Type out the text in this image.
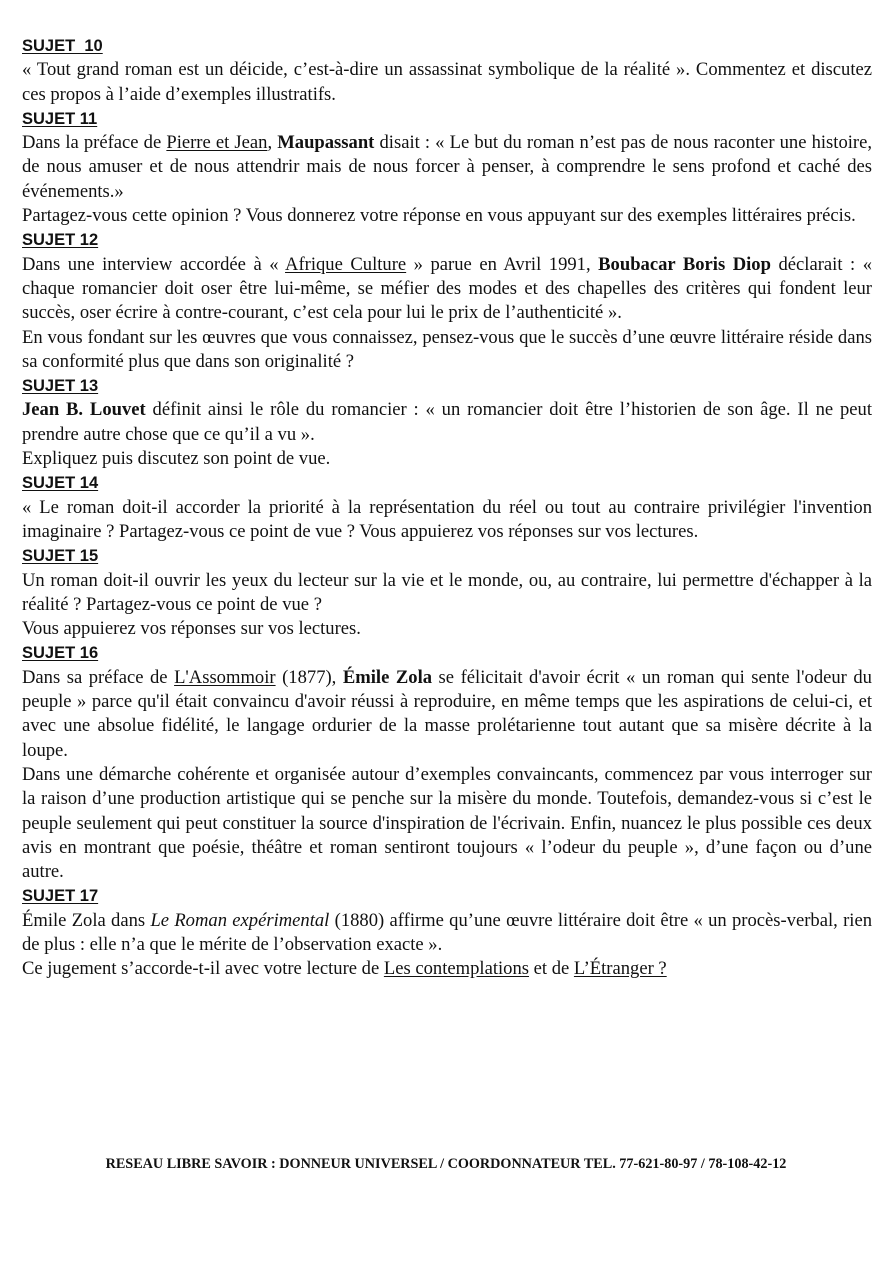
SUJET  10

« Tout grand roman est un déicide, c’est-à-dire un assassinat symbolique de la réalité ». Commentez et discutez ces propos à l’aide d’exemples illustratifs.

SUJET 11

Dans la préface de Pierre et Jean, Maupassant disait : « Le but du roman n’est pas de nous raconter une histoire, de nous amuser et de nous attendrir mais de nous forcer à penser, à comprendre le sens profond et caché des événements.»

Partagez-vous cette opinion ? Vous donnerez votre réponse en vous appuyant sur des exemples littéraires précis.

SUJET 12

Dans une interview accordée à « Afrique Culture » parue en Avril 1991, Boubacar Boris Diop déclarait : « chaque romancier doit oser être lui-même, se méfier des modes et des chapelles des critères qui fondent leur succès, oser écrire à contre-courant, c’est cela pour lui le prix de l’authenticité ».

En vous fondant sur les œuvres que vous connaissez, pensez-vous que le succès d’une œuvre littéraire réside dans sa conformité plus que dans son originalité ?

SUJET 13

Jean B. Louvet définit ainsi le rôle du romancier : « un romancier doit être l’historien de son âge. Il ne peut prendre autre chose que ce qu’il a vu ».

Expliquez puis discutez son point de vue.

SUJET 14

« Le roman doit-il accorder la priorité à la représentation du réel ou tout au contraire privilégier l'invention imaginaire ? Partagez-vous ce point de vue ? Vous appuierez vos réponses sur vos lectures.

SUJET 15

Un roman doit-il ouvrir les yeux du lecteur sur la vie et le monde, ou, au contraire, lui permettre d'échapper à la réalité ? Partagez-vous ce point de vue ?

Vous appuierez vos réponses sur vos lectures.

SUJET 16

Dans sa préface de L'Assommoir (1877), Émile Zola se félicitait d'avoir écrit « un roman qui sente l'odeur du peuple » parce qu'il était convaincu d'avoir réussi à reproduire, en même temps que les aspirations de celui-ci, et avec une absolue fidélité, le langage ordurier de la masse prolétarienne tout autant que sa misère décrite à la loupe.

Dans une démarche cohérente et organisée autour d’exemples convaincants, commencez par vous interroger sur la raison d’une production artistique qui se penche sur la misère du monde. Toutefois, demandez-vous si c’est le peuple seulement qui peut constituer la source d'inspiration de l'écrivain. Enfin, nuancez le plus possible ces deux avis en montrant que poésie, théâtre et roman sentiront toujours « l’odeur du peuple », d’une façon ou d’une autre.

SUJET 17

Émile Zola dans Le Roman expérimental (1880) affirme qu’une œuvre littéraire doit être « un procès-verbal, rien de plus : elle n’a que le mérite de l’observation exacte ».

Ce jugement s’accorde-t-il avec votre lecture de Les contemplations et de L’Étranger ?

RESEAU LIBRE SAVOIR : DONNEUR UNIVERSEL / COORDONNATEUR TEL. 77-621-80-97 / 78-108-42-12
